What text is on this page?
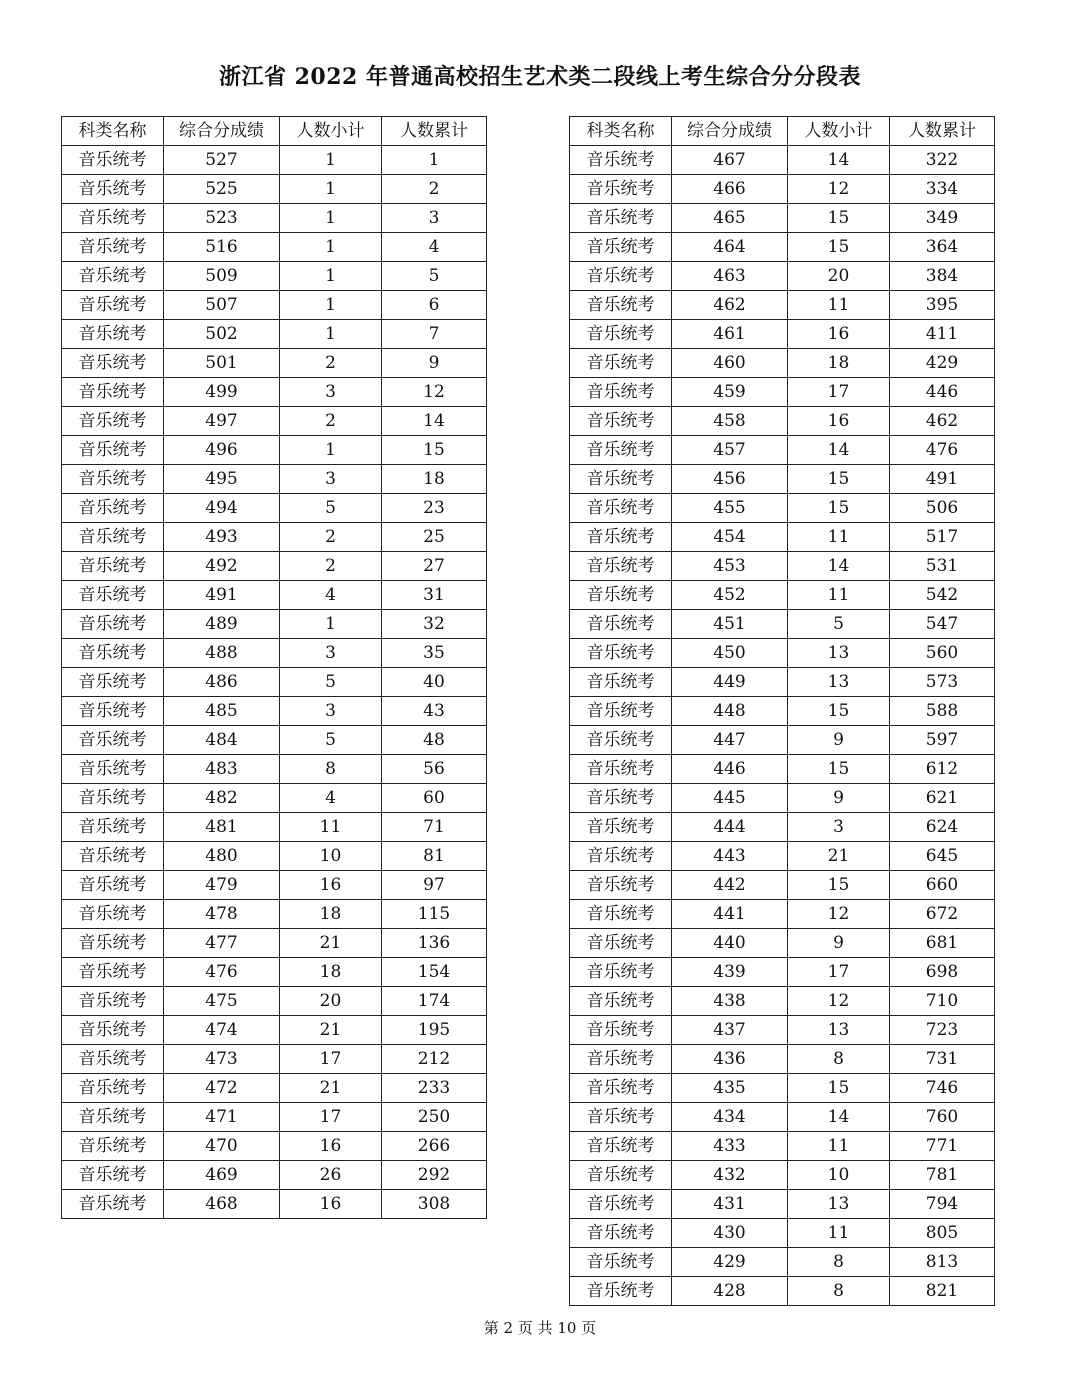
浙江省 2022 年普通高校招生艺术类二段线上考生综合分分段表
科类名称	综合分成绩	人数小计	人数累计
音乐统考	527	1	1
音乐统考	525	1	2
音乐统考	523	1	3
音乐统考	516	1	4
音乐统考	509	1	5
音乐统考	507	1	6
音乐统考	502	1	7
音乐统考	501	2	9
音乐统考	499	3	12
音乐统考	497	2	14
音乐统考	496	1	15
音乐统考	495	3	18
音乐统考	494	5	23
音乐统考	493	2	25
音乐统考	492	2	27
音乐统考	491	4	31
音乐统考	489	1	32
音乐统考	488	3	35
音乐统考	486	5	40
音乐统考	485	3	43
音乐统考	484	5	48
音乐统考	483	8	56
音乐统考	482	4	60
音乐统考	481	11	71
音乐统考	480	10	81
音乐统考	479	16	97
音乐统考	478	18	115
音乐统考	477	21	136
音乐统考	476	18	154
音乐统考	475	20	174
音乐统考	474	21	195
音乐统考	473	17	212
音乐统考	472	21	233
音乐统考	471	17	250
音乐统考	470	16	266
音乐统考	469	26	292
音乐统考	468	16	308
科类名称	综合分成绩	人数小计	人数累计
音乐统考	467	14	322
音乐统考	466	12	334
音乐统考	465	15	349
音乐统考	464	15	364
音乐统考	463	20	384
音乐统考	462	11	395
音乐统考	461	16	411
音乐统考	460	18	429
音乐统考	459	17	446
音乐统考	458	16	462
音乐统考	457	14	476
音乐统考	456	15	491
音乐统考	455	15	506
音乐统考	454	11	517
音乐统考	453	14	531
音乐统考	452	11	542
音乐统考	451	5	547
音乐统考	450	13	560
音乐统考	449	13	573
音乐统考	448	15	588
音乐统考	447	9	597
音乐统考	446	15	612
音乐统考	445	9	621
音乐统考	444	3	624
音乐统考	443	21	645
音乐统考	442	15	660
音乐统考	441	12	672
音乐统考	440	9	681
音乐统考	439	17	698
音乐统考	438	12	710
音乐统考	437	13	723
音乐统考	436	8	731
音乐统考	435	15	746
音乐统考	434	14	760
音乐统考	433	11	771
音乐统考	432	10	781
音乐统考	431	13	794
音乐统考	430	11	805
音乐统考	429	8	813
音乐统考	428	8	821
第 2 页 共 10 页
